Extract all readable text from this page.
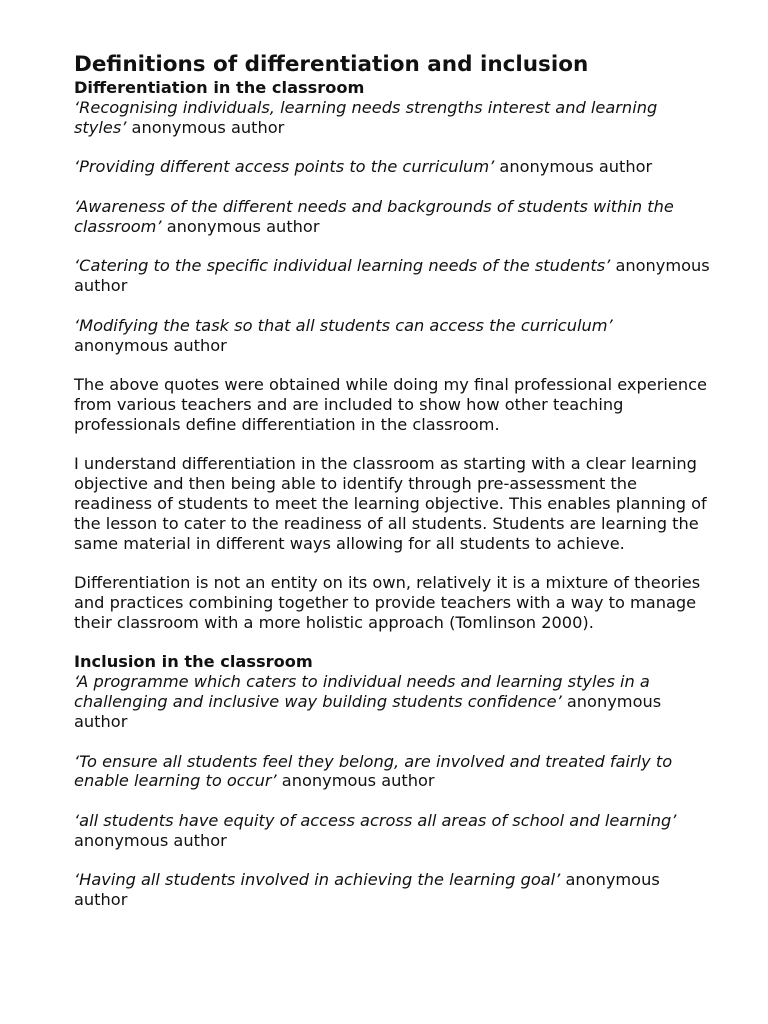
Definitions of differentiation and inclusion
Differentiation in the classroom

‘Recognising individuals, learning needs strengths interest and learning styles’ anonymous author

‘Providing different access points to the curriculum’ anonymous author

‘Awareness of the different needs and backgrounds of students within the classroom’ anonymous author

‘Catering to the specific individual learning needs of the students’ anonymous author

‘Modifying the task so that all students can access the curriculum’ anonymous author

The above quotes were obtained while doing my final professional experience from various teachers and are included to show how other teaching professionals define differentiation in the classroom.

I understand differentiation in the classroom as starting with a clear learning objective and then being able to identify through pre-assessment the readiness of students to meet the learning objective. This enables planning of the lesson to cater to the readiness of all students. Students are learning the same material in different ways allowing for all students to achieve.

Differentiation is not an entity on its own, relatively it is a mixture of theories and practices combining together to provide teachers with a way to manage their classroom with a more holistic approach (Tomlinson 2000).

Inclusion in the classroom

‘A programme which caters to individual needs and learning styles in a challenging and inclusive way building students confidence’ anonymous author

‘To ensure all students feel they belong, are involved and treated fairly to enable learning to occur’ anonymous author

‘all students have equity of access across all areas of school and learning’ anonymous author

‘Having all students involved in achieving the learning goal’ anonymous author
